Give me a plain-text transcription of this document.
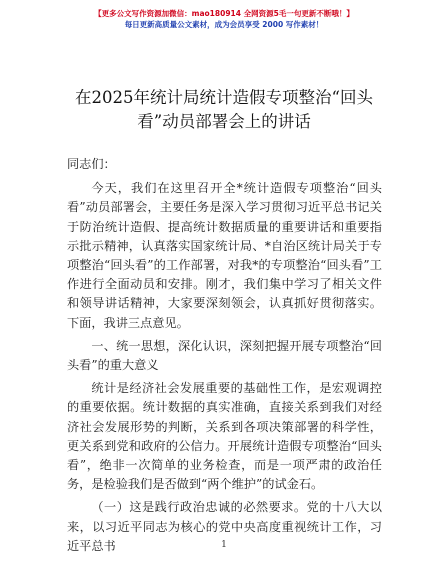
【更多公文写作资源加微信：mao180914 全网资源5毛一句更新不断哦！】
每日更新高质量公文素材，成为会员享受 2000 写作素材！
在2025年统计局统计造假专项整治“回头看”动员部署会上的讲话

同志们：

今天，我们在这里召开全*统计造假专项整治“回头看”动员部署会，主要任务是深入学习贯彻习近平总书记关于防治统计造假、提高统计数据质量的重要讲话和重要指示批示精神，认真落实国家统计局、*自治区统计局关于专项整治“回头看”的工作部署，对我*的专项整治“回头看”工作进行全面动员和安排。刚才，我们集中学习了相关文件和领导讲话精神，大家要深刻领会，认真抓好贯彻落实。下面，我讲三点意见。

一、统一思想，深化认识，深刻把握开展专项整治“回头看”的重大意义

统计是经济社会发展重要的基础性工作，是宏观调控的重要依据。统计数据的真实准确，直接关系到我们对经济社会发展形势的判断，关系到各项决策部署的科学性，更关系到党和政府的公信力。开展统计造假专项整治“回头看”，绝非一次简单的业务检查，而是一项严肃的政治任务，是检验我们是否做到“两个维护”的试金石。

（一）这是践行政治忠诚的必然要求。党的十八大以来，以习近平同志为核心的党中央高度重视统计工作，习近平总书	1
